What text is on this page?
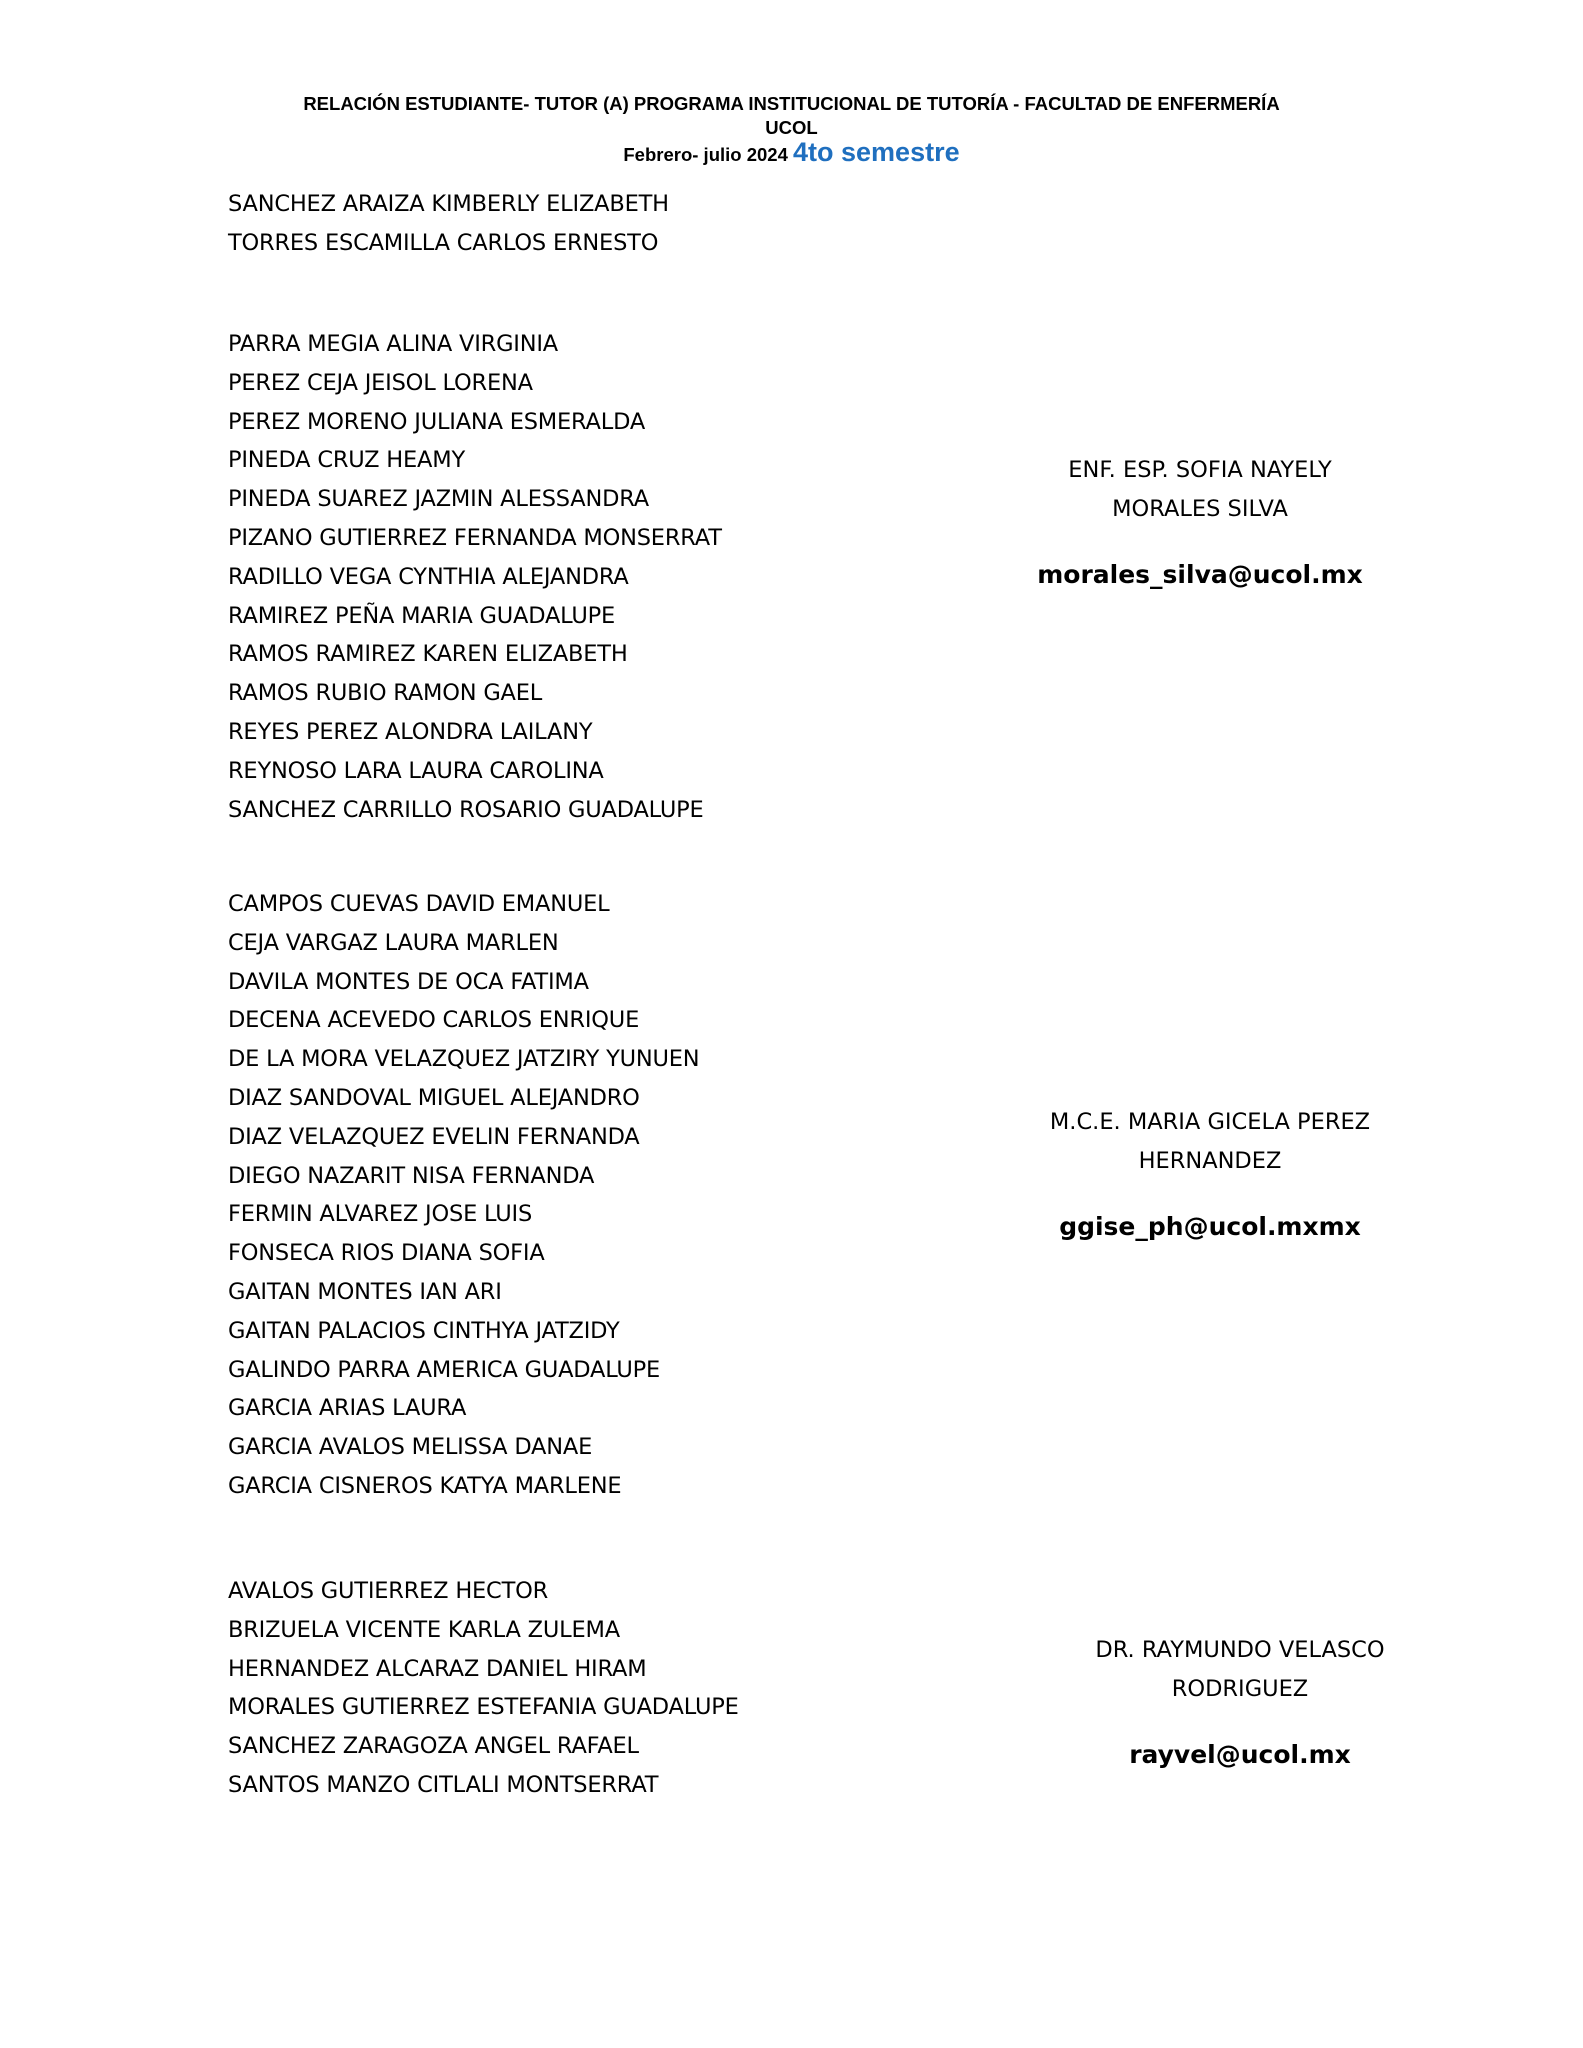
RELACIÓN ESTUDIANTE- TUTOR (A) PROGRAMA INSTITUCIONAL DE TUTORÍA - FACULTAD DE ENFERMERÍA
UCOL
Febrero- julio 2024 4to semestre
SANCHEZ ARAIZA KIMBERLY ELIZABETH
TORRES ESCAMILLA CARLOS ERNESTO
PARRA MEGIA ALINA VIRGINIA
PEREZ CEJA JEISOL LORENA
PEREZ MORENO JULIANA ESMERALDA
PINEDA CRUZ HEAMY
PINEDA SUAREZ JAZMIN ALESSANDRA
PIZANO GUTIERREZ FERNANDA MONSERRAT
RADILLO VEGA CYNTHIA ALEJANDRA
RAMIREZ PEÑA MARIA GUADALUPE
RAMOS RAMIREZ KAREN ELIZABETH
RAMOS RUBIO RAMON GAEL
REYES PEREZ ALONDRA LAILANY
REYNOSO LARA LAURA CAROLINA
SANCHEZ CARRILLO ROSARIO GUADALUPE
ENF. ESP. SOFIA NAYELY
MORALES SILVA
morales_silva@ucol.mx
CAMPOS CUEVAS DAVID EMANUEL
CEJA VARGAZ LAURA MARLEN
DAVILA MONTES DE OCA FATIMA
DECENA ACEVEDO CARLOS ENRIQUE
DE LA MORA VELAZQUEZ JATZIRY YUNUEN
DIAZ SANDOVAL MIGUEL ALEJANDRO
DIAZ VELAZQUEZ EVELIN FERNANDA
DIEGO NAZARIT NISA FERNANDA
FERMIN ALVAREZ JOSE LUIS
FONSECA RIOS DIANA SOFIA
GAITAN MONTES IAN ARI
GAITAN PALACIOS CINTHYA JATZIDY
GALINDO PARRA AMERICA GUADALUPE
GARCIA ARIAS LAURA
GARCIA AVALOS MELISSA DANAE
GARCIA CISNEROS KATYA MARLENE
M.C.E. MARIA GICELA PEREZ
HERNANDEZ
ggise_ph@ucol.mxmx
AVALOS GUTIERREZ HECTOR
BRIZUELA VICENTE KARLA ZULEMA
HERNANDEZ ALCARAZ DANIEL HIRAM
MORALES GUTIERREZ ESTEFANIA GUADALUPE
SANCHEZ ZARAGOZA ANGEL RAFAEL
SANTOS MANZO CITLALI MONTSERRAT
DR. RAYMUNDO VELASCO
RODRIGUEZ
rayvel@ucol.mx
